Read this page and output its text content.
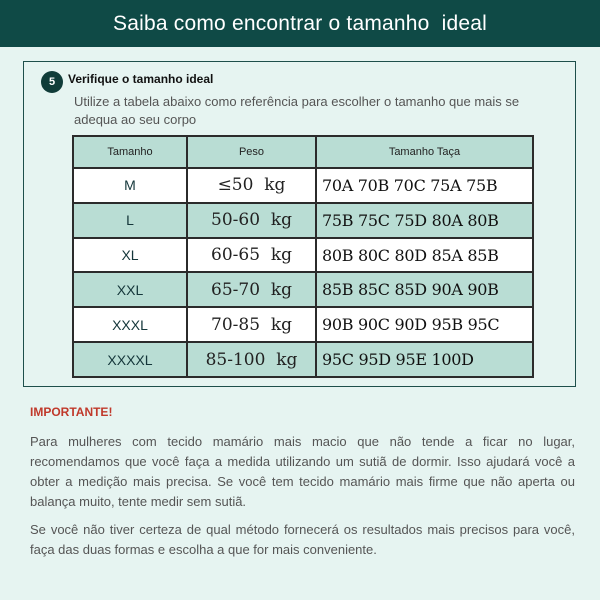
Saiba como encontrar o tamanho  ideal
5	Verifique o tamanho ideal
Utilize a tabela abaixo como referência para escolher o tamanho que mais se adequa ao seu corpo
Tamanho	Peso	Tamanho Taça
M	≤50  kg	70A 70B 70C 75A 75B
L	50-60  kg	75B 75C 75D 80A 80B
XL	60-65  kg	80B 80C 80D 85A 85B
XXL	65-70  kg	85B 85C 85D 90A 90B
XXXL	70-85  kg	90B 90C 90D 95B 95C
XXXXL	85-100  kg	95C 95D 95E 100D
IMPORTANTE!
Para mulheres com tecido mamário mais macio que não tende a ficar no lugar, recomendamos que você faça a medida utilizando um sutiã de dormir. Isso ajudará você a obter a medição mais precisa. Se você tem tecido mamário mais firme que não aperta ou balança muito, tente medir sem sutiã.
Se você não tiver certeza de qual método fornecerá os resultados mais precisos para você, faça das duas formas e escolha a que for mais conveniente.
